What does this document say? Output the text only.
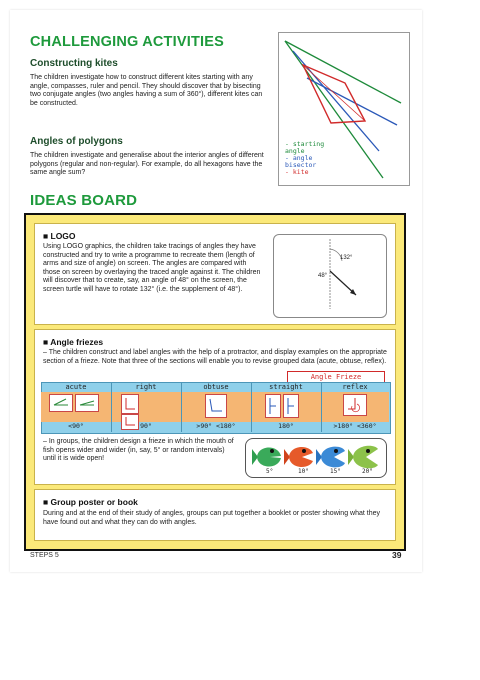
CHALLENGING ACTIVITIES
Constructing kites
The children investigate how to construct different kites starting with any angle, compasses, ruler and pencil. They should discover that by bisecting two conjugate angles (two angles having a sum of 360°), different kites can be constructed.
Angles of polygons
The children investigate and generalise about the interior angles of different polygons (regular and non-regular). For example, do all hexagons have the same angle sum?
- starting
angle
- angle
bisector
- kite
IDEAS BOARD
■ LOGO
Using LOGO graphics, the children take tracings of angles they have constructed and try to write a programme to recreate them (length of arms and size of angle) on screen. The angles are compared with those on screen by overlaying the traced angle against it. The children will discover that to create, say, an angle of 48° on the screen, the screen turtle will have to rotate 132° (i.e. the supplement of 48°).
132°
48°
■ Angle friezes
– The children construct and label angles with the help of a protractor, and display examples on the appropriate section of a frieze. Note that three of the sections will enable you to revise grouped data (acute, obtuse, reflex).
Angle Frieze
acute	right	obtuse	straight	reflex
<90°	90°	>90° <180°	180°	>180° <360°
– In groups, the children design a frieze in which the mouth of fish opens wider and wider (in, say, 5° or random intervals) until it is wide open!
5°	10°	15°	20°
■ Group poster or book
During and at the end of their study of angles, groups can put together a booklet or poster showing what they have found out and what they can do with angles.
STEPS 5	39
